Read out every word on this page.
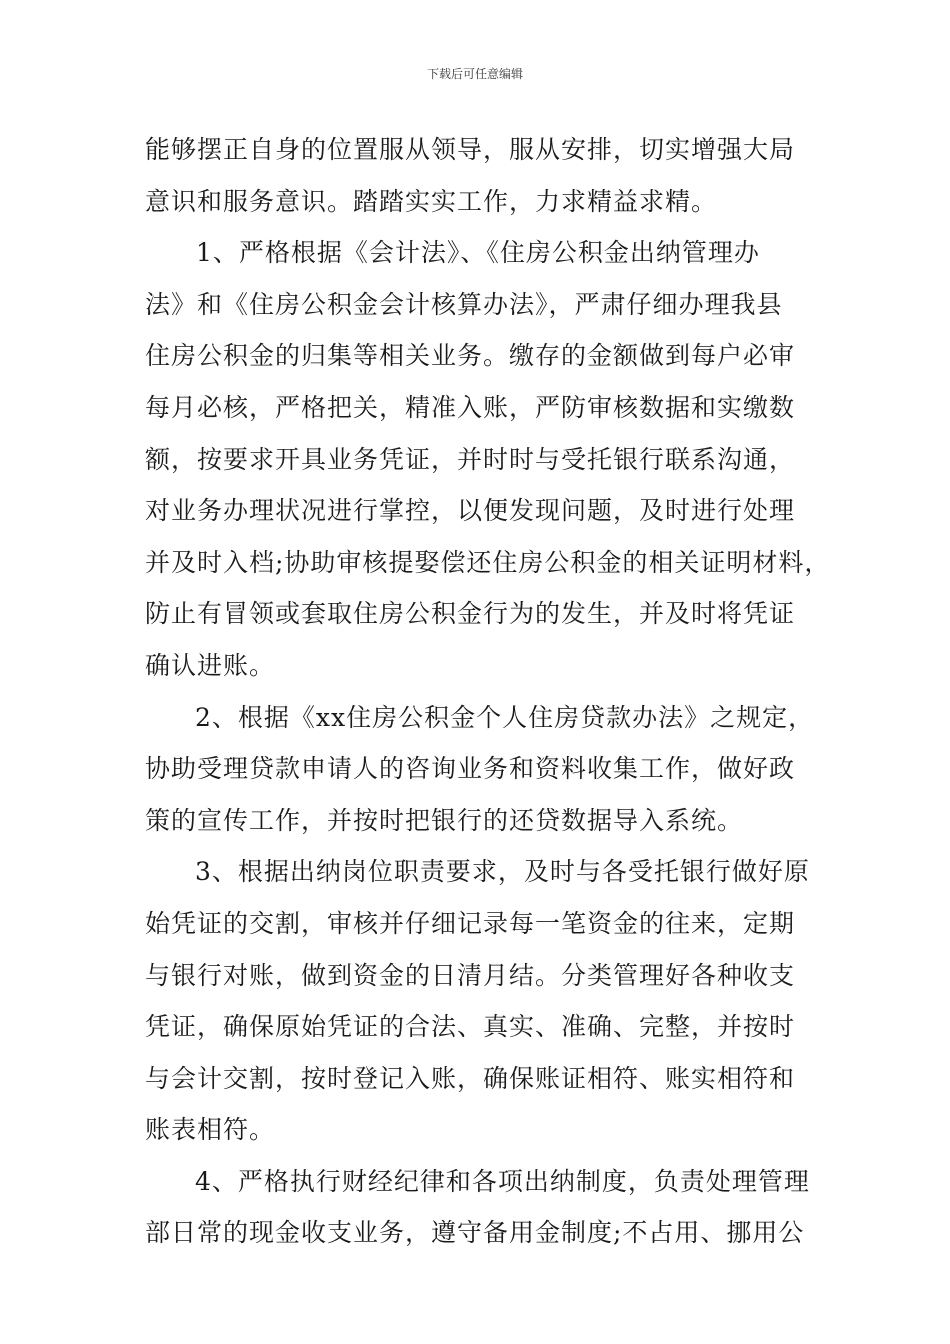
下载后可任意编辑
能够摆正自身的位置服从领导，服从安排，切实增强大局
意识和服务意识。踏踏实实工作，力求精益求精。
1、严格根据《会计法》、《住房公积金出纳管理办
法》和《住房公积金会计核算办法》，严肃仔细办理我县
住房公积金的归集等相关业务。缴存的金额做到每户必审
每月必核，严格把关，精准入账，严防审核数据和实缴数
额，按要求开具业务凭证，并时时与受托银行联系沟通，
对业务办理状况进行掌控，以便发现问题，及时进行处理
并及时入档;协助审核提娶偿还住房公积金的相关证明材料，
防止有冒领或套取住房公积金行为的发生，并及时将凭证
确认进账。
2、根据《xx住房公积金个人住房贷款办法》之规定，
协助受理贷款申请人的咨询业务和资料收集工作，做好政
策的宣传工作，并按时把银行的还贷数据导入系统。
3、根据出纳岗位职责要求，及时与各受托银行做好原
始凭证的交割，审核并仔细记录每一笔资金的往来，定期
与银行对账，做到资金的日清月结。分类管理好各种收支
凭证，确保原始凭证的合法、真实、准确、完整，并按时
与会计交割，按时登记入账，确保账证相符、账实相符和
账表相符。
4、严格执行财经纪律和各项出纳制度，负责处理管理
部日常的现金收支业务，遵守备用金制度;不占用、挪用公
